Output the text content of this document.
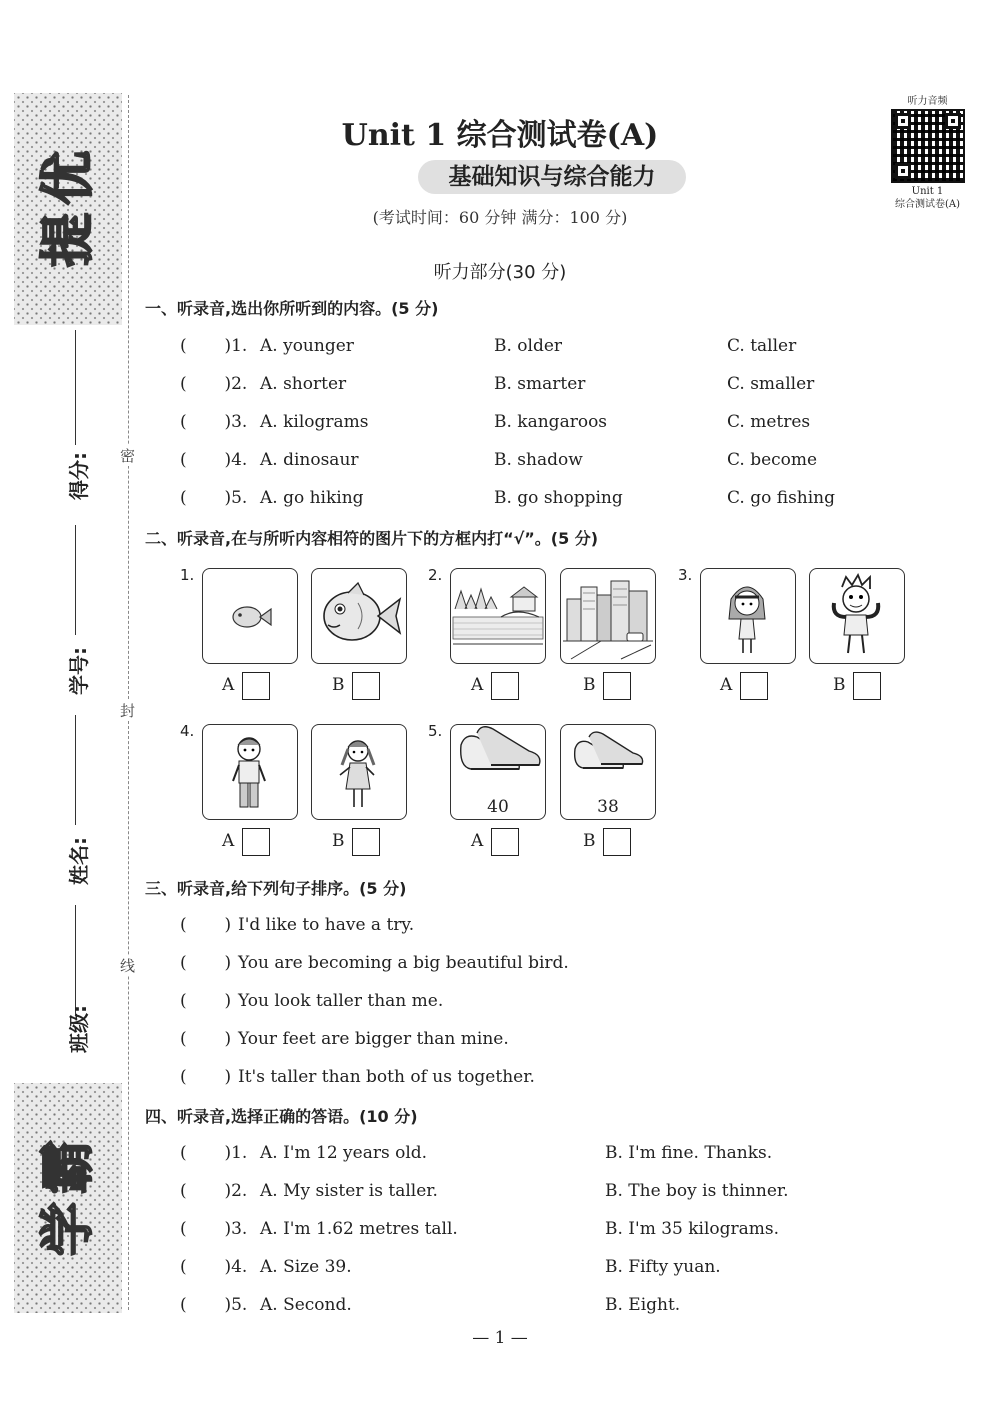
提
优
学
霸
密
封
线
得分:
学号:
姓名:
班级:
Unit 1 综合测试卷(A)
基础知识与综合能力
(考试时间：60 分钟 满分：100 分)
听力音频
Unit 1
综合测试卷(A)
听力部分(30 分)
一、听录音,选出你所听到的内容。(5 分)
(       )1. A. younger	B. older	C. taller
(       )2. A. shorter	B. smarter	C. smaller
(       )3. A. kilograms	B. kangaroos	C. metres
(       )4. A. dinosaur	B. shadow	C. become
(       )5. A. go hiking	B. go shopping	C. go fishing
二、听录音,在与所听内容相符的图片下的方框内打“√”。(5 分)
1.	2.	3.
4.	5.
40	38
A	B	A	B	A	B
A	B	A	B
三、听录音,给下列句子排序。(5 分)
(       ) I'd like to have a try.
(       ) You are becoming a big beautiful bird.
(       ) You look taller than me.
(       ) Your feet are bigger than mine.
(       ) It's taller than both of us together.
四、听录音,选择正确的答语。(10 分)
(       )1. A. I'm 12 years old.	B. I'm fine. Thanks.
(       )2. A. My sister is taller.	B. The boy is thinner.
(       )3. A. I'm 1.62 metres tall.	B. I'm 35 kilograms.
(       )4. A. Size 39.	B. Fifty yuan.
(       )5. A. Second.	B. Eight.
— 1 —
